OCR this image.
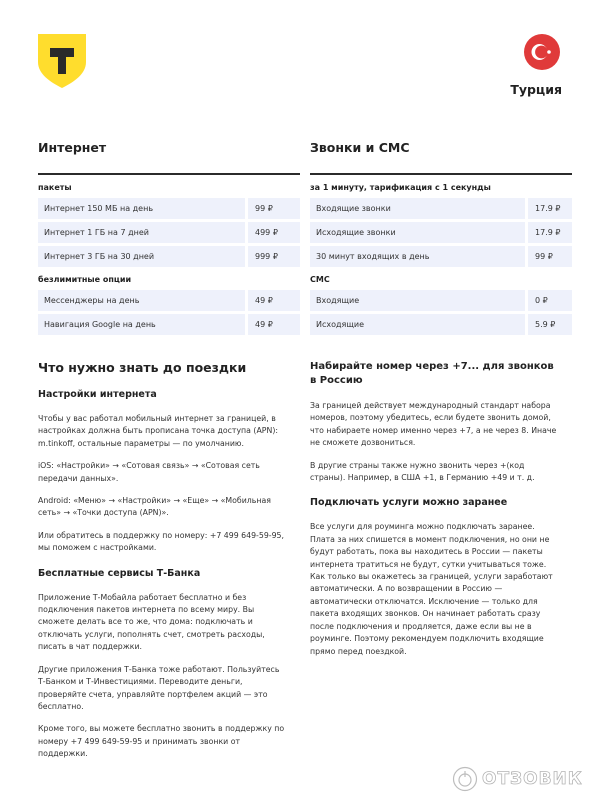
Турция
Интернет
пакеты
Интернет 150 МБ на день	99 ₽
Интернет 1 ГБ на 7 дней	499 ₽
Интернет 3 ГБ на 30 дней	999 ₽
безлимитные опции
Мессенджеры на день	49 ₽
Навигация Google на день	49 ₽
Звонки и СМС
за 1 минуту, тарификация с 1 секунды
Входящие звонки	17.9 ₽
Исходящие звонки	17.9 ₽
30 минут входящих в день	99 ₽
СМС
Входящие	0 ₽
Исходящие	5.9 ₽
Что нужно знать до поездки
Настройки интернета
Чтобы у вас работал мобильный интернет за границей, в настройках должна быть прописана точка доступа (APN): m.tinkoff, остальные параметры — по умолчанию.
iOS: «Настройки» → «Сотовая связь» → «Сотовая сеть передачи данных».
Android: «Меню» → «Настройки» → «Еще» → «Мобильная сеть» → «Точки доступа (APN)».
Или обратитесь в поддержку по номеру: +7 499 649-59-95, мы поможем с настройками.
Бесплатные сервисы Т-Банка
Приложение Т-Мобайла работает бесплатно и без подключения пакетов интернета по всему миру. Вы сможете делать все то же, что дома: подключать и отключать услуги, пополнять счет, смотреть расходы, писать в чат поддержки.
Другие приложения Т-Банка тоже работают. Пользуйтесь Т-Банком и Т-Инвестициями. Переводите деньги, проверяйте счета, управляйте портфелем акций — это бесплатно.
Кроме того, вы можете бесплатно звонить в поддержку по номеру +7 499 649-59-95 и принимать звонки от поддержки.
Набирайте номер через +7... для звонков в Россию
За границей действует международный стандарт набора номеров, поэтому убедитесь, если будете звонить домой, что набираете номер именно через +7, а не через 8. Иначе не сможете дозвониться.
В другие страны также нужно звонить через +(код страны). Например, в США +1, в Германию +49 и т. д.
Подключать услуги можно заранее
Все услуги для роуминга можно подключать заранее. Плата за них спишется в момент подключения, но они не будут работать, пока вы находитесь в России — пакеты интернета тратиться не будут, сутки учитываться тоже. Как только вы окажетесь за границей, услуги заработают автоматически. А по возвращении в Россию — автоматически отключатся. Исключение — только для пакета входящих звонков. Он начинает работать сразу после подключения и продляется, даже если вы не в роуминге. Поэтому рекомендуем подключить входящие прямо перед поездкой.
ОТЗОВИК
